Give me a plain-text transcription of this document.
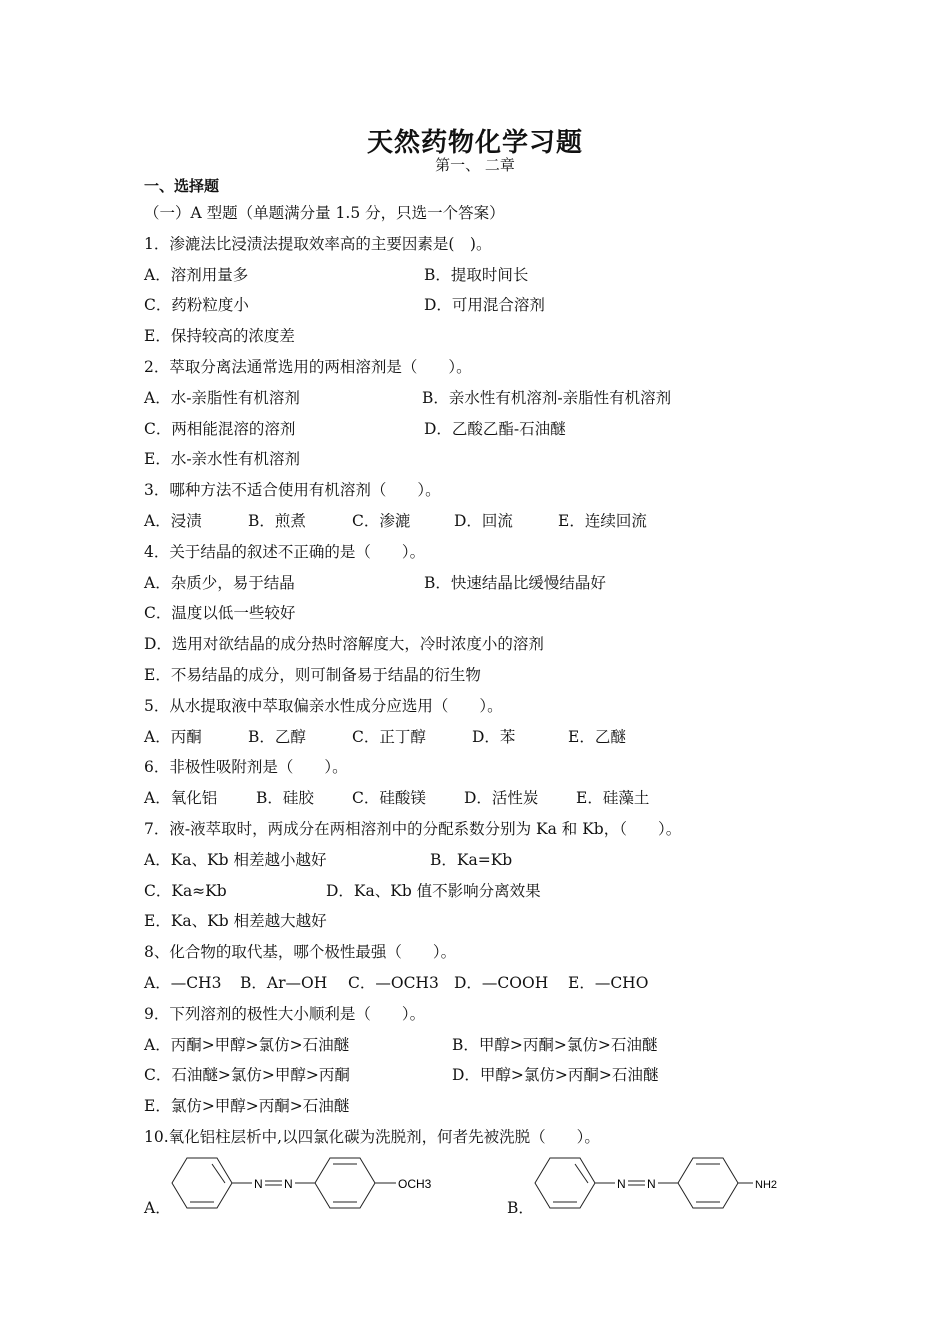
天然药物化学习题
第一、 二章
一、选择题
（一）A 型题（单题满分量 1.5 分，只选一个答案）
1．渗漉法比浸渍法提取效率高的主要因素是(　)。
A．溶剂用量多	B．提取时间长
C．药粉粒度小	D．可用混合溶剂
E．保持较高的浓度差
2．萃取分离法通常选用的两相溶剂是（　　）。
A．水-亲脂性有机溶剂	B．亲水性有机溶剂-亲脂性有机溶剂
C．两相能混溶的溶剂	D．乙酸乙酯-石油醚
E．水-亲水性有机溶剂
3．哪种方法不适合使用有机溶剂（　　）。
A．浸渍	B．煎煮	C．渗漉	D．回流	E．连续回流
4．关于结晶的叙述不正确的是（　　）。
A．杂质少，易于结晶	B．快速结晶比缓慢结晶好
C．温度以低一些较好
D．选用对欲结晶的成分热时溶解度大，冷时浓度小的溶剂
E．不易结晶的成分，则可制备易于结晶的衍生物
5．从水提取液中萃取偏亲水性成分应选用（　　）。
A．丙酮	B．乙醇	C．正丁醇	D．苯	E．乙醚
6．非极性吸附剂是（　　）。
A．氧化铝	B．硅胶 C．硅酸镁 D．活性炭 E．硅藻土
7．液-液萃取时，两成分在两相溶剂中的分配系数分别为 Ka 和 Kb，（　　）。
A．Ka、Kb 相差越小越好	B．Ka=Kb
C．Ka≈Kb	D．Ka、Kb 值不影响分离效果
E．Ka、Kb 相差越大越好
8、化合物的取代基，哪个极性最强（　　）。
A．—CH3 B．Ar—OH C．—OCH3 D．—COOH E．—CHO
9．下列溶剂的极性大小顺利是（　　）。
A．丙酮>甲醇>氯仿>石油醚	B．甲醇>丙酮>氯仿>石油醚
C．石油醚>氯仿>甲醇>丙酮	D．甲醇>氯仿>丙酮>石油醚
E．氯仿>甲醇>丙酮>石油醚
10.氧化铝柱层析中,以四氯化碳为洗脱剂，何者先被洗脱（　　）。
A．
N N	OCH3
B．
N N	NH2
